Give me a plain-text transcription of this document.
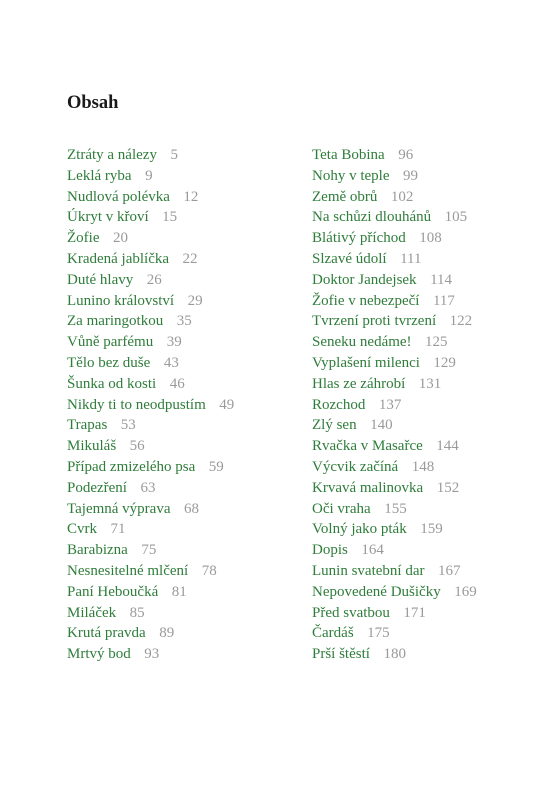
Obsah
Ztráty a nálezy 5
Leklá ryba 9
Nudlová polévka 12
Úkryt v křoví 15
Žofie 20
Kradená jablíčka 22
Duté hlavy 26
Lunino království 29
Za maringotkou 35
Vůně parfému 39
Tělo bez duše 43
Šunka od kosti 46
Nikdy ti to neodpustím 49
Trapas 53
Mikuláš 56
Případ zmizelého psa 59
Podezření 63
Tajemná výprava 68
Cvrk 71
Barabizna 75
Nesnesitelné mlčení 78
Paní Heboučká 81
Miláček 85
Krutá pravda 89
Mrtvý bod 93
Teta Bobina 96
Nohy v teple 99
Země obrů 102
Na schůzi dlouhánů 105
Blátivý příchod 108
Slzavé údolí 111
Doktor Jandejsek 114
Žofie v nebezpečí 117
Tvrzení proti tvrzení 122
Seneku nedáme! 125
Vyplašení milenci 129
Hlas ze záhrobí 131
Rozchod 137
Zlý sen 140
Rvačka v Masařce 144
Výcvik začíná 148
Krvavá malinovka 152
Oči vraha 155
Volný jako pták 159
Dopis 164
Lunin svatební dar 167
Nepovedené Dušičky 169
Před svatbou 171
Čardáš 175
Prší štěstí 180
